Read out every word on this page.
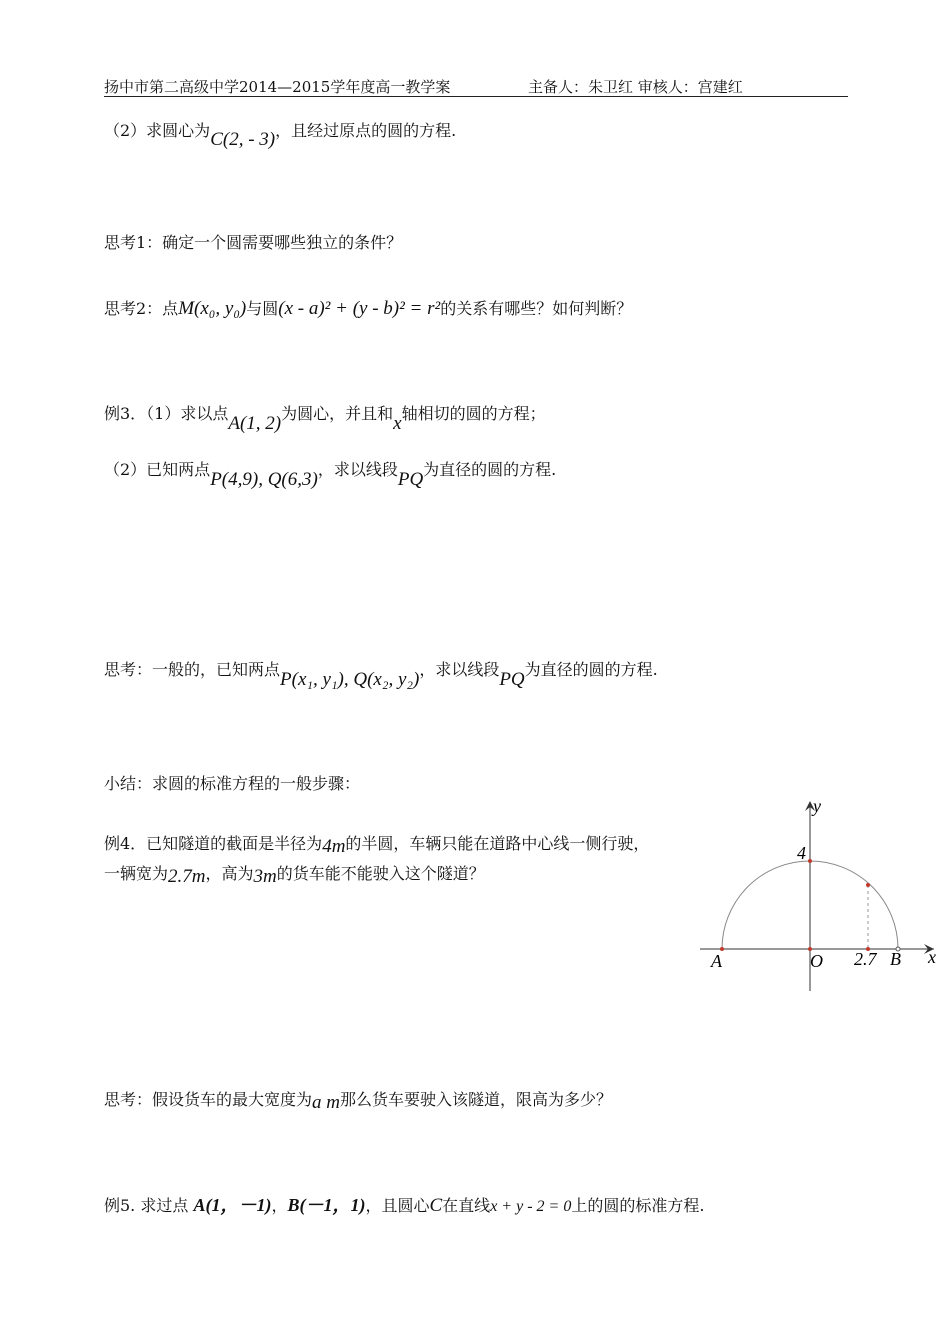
扬中市第二高级中学2014—2015学年度高一教学案	主备人：朱卫红 审核人：宫建红
（2）求圆心为C(2, - 3)，且经过原点的圆的方程.
思考1：确定一个圆需要哪些独立的条件？
思考2：点M(x₀, y₀)与圆(x - a)² + (y - b)² = r²的关系有哪些？如何判断？
例3．（1）求以点A(1, 2)为圆心，并且和x轴相切的圆的方程；
（2）已知两点P(4,9), Q(6,3)，求以线段PQ为直径的圆的方程.
思考：一般的，已知两点P(x₁, y₁), Q(x₂, y₂)，求以线段PQ为直径的圆的方程.
小结：求圆的标准方程的一般步骤：
例4．已知隧道的截面是半径为4m的半圆，车辆只能在道路中心线一侧行驶，
一辆宽为2.7m，高为3m的货车能不能驶入这个隧道？
y
x
4
A	O 2.7 B
思考：假设货车的最大宽度为a m那么货车要驶入该隧道，限高为多少？
例5. 求过点 A(1，－1)，B(－1，1)，且圆心C在直线x + y - 2 = 0上的圆的标准方程.
